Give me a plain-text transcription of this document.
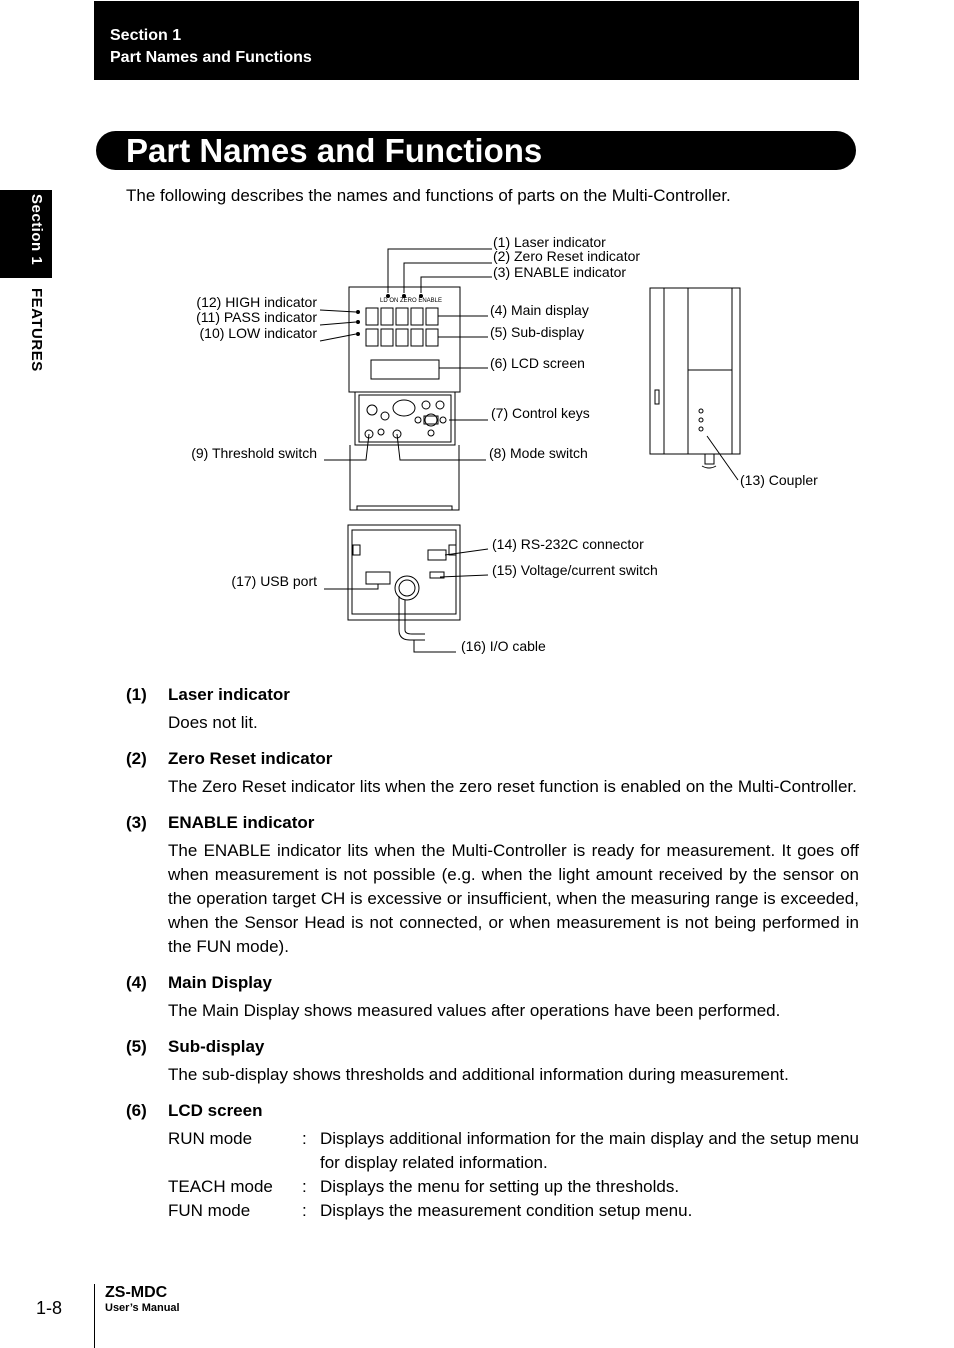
Section 1
Part Names and Functions
Section 1
FEATURES
Part Names and Functions
The following describes the names and functions of parts on the Multi-Controller.
LD ON ZERO ENABLE
(1) Laser indicator
(2) Zero Reset indicator
(3) ENABLE indicator
(4) Main display
(5) Sub-display
(6) LCD screen
(7) Control keys
(8) Mode switch
(9) Threshold switch
(10) LOW indicator
(11) PASS indicator
(12) HIGH indicator
(13) Coupler
(14) RS-232C connector
(15) Voltage/current switch
(16) I/O cable
(17) USB port
(1)	Laser indicator
Does not lit.
(2)	Zero Reset indicator
The Zero Reset indicator lits when the zero reset function is enabled on the Multi-Controller.
(3)	ENABLE indicator
The ENABLE indicator lits when the Multi-Controller is ready for measurement. It goes off when measurement is not possible (e.g. when the light amount received by the sensor on the operation target CH is excessive or insufficient, when the measuring range is exceeded, when the Sensor Head is not connected, or when measurement is not being performed in the FUN mode).
(4)	Main Display
The Main Display shows measured values after operations have been performed.
(5)	Sub-display
The sub-display shows thresholds and additional information during measurement.
(6)	LCD screen
RUN mode	: Displays additional information for the main display and the setup menu for display related information.
TEACH mode	: Displays the menu for setting up the thresholds.
FUN mode	: Displays the measurement condition setup menu.
1-8
ZS-MDC
User’s Manual
